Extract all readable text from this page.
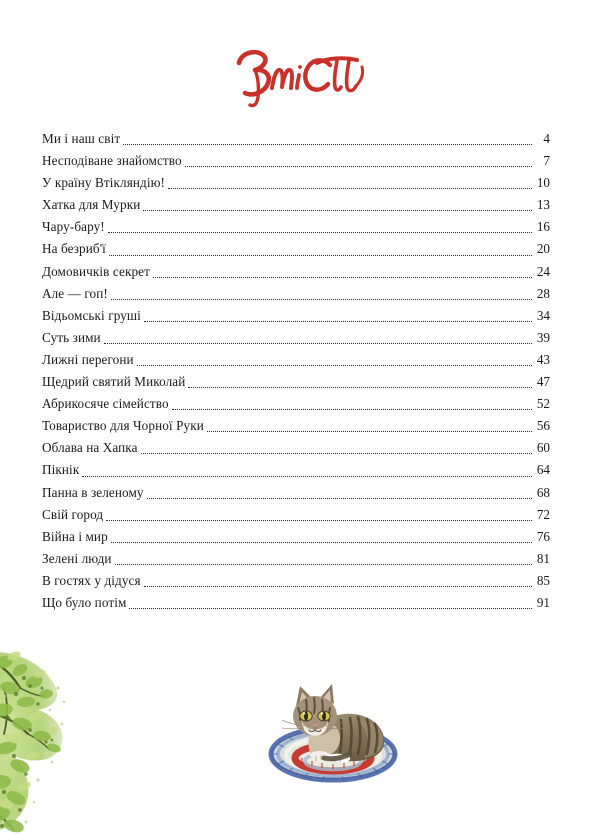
Ми і наш світ	4
Несподіване знайомство	7
У країну Втікляндію!	10
Хатка для Мурки	13
Чару-бару!	16
На безриб'ї	20
Домовичків секрет	24
Але — гоп!	28
Відьомські груші	34
Суть зими	39
Лижні перегони	43
Щедрий святий Миколай	47
Абрикосяче сімейство	52
Товариство для Чорної Руки	56
Облава на Хапка	60
Пікнік	64
Панна в зеленому	68
Свій город	72
Війна і мир	76
Зелені люди	81
В гостях у дідуся	85
Що було потім	91
